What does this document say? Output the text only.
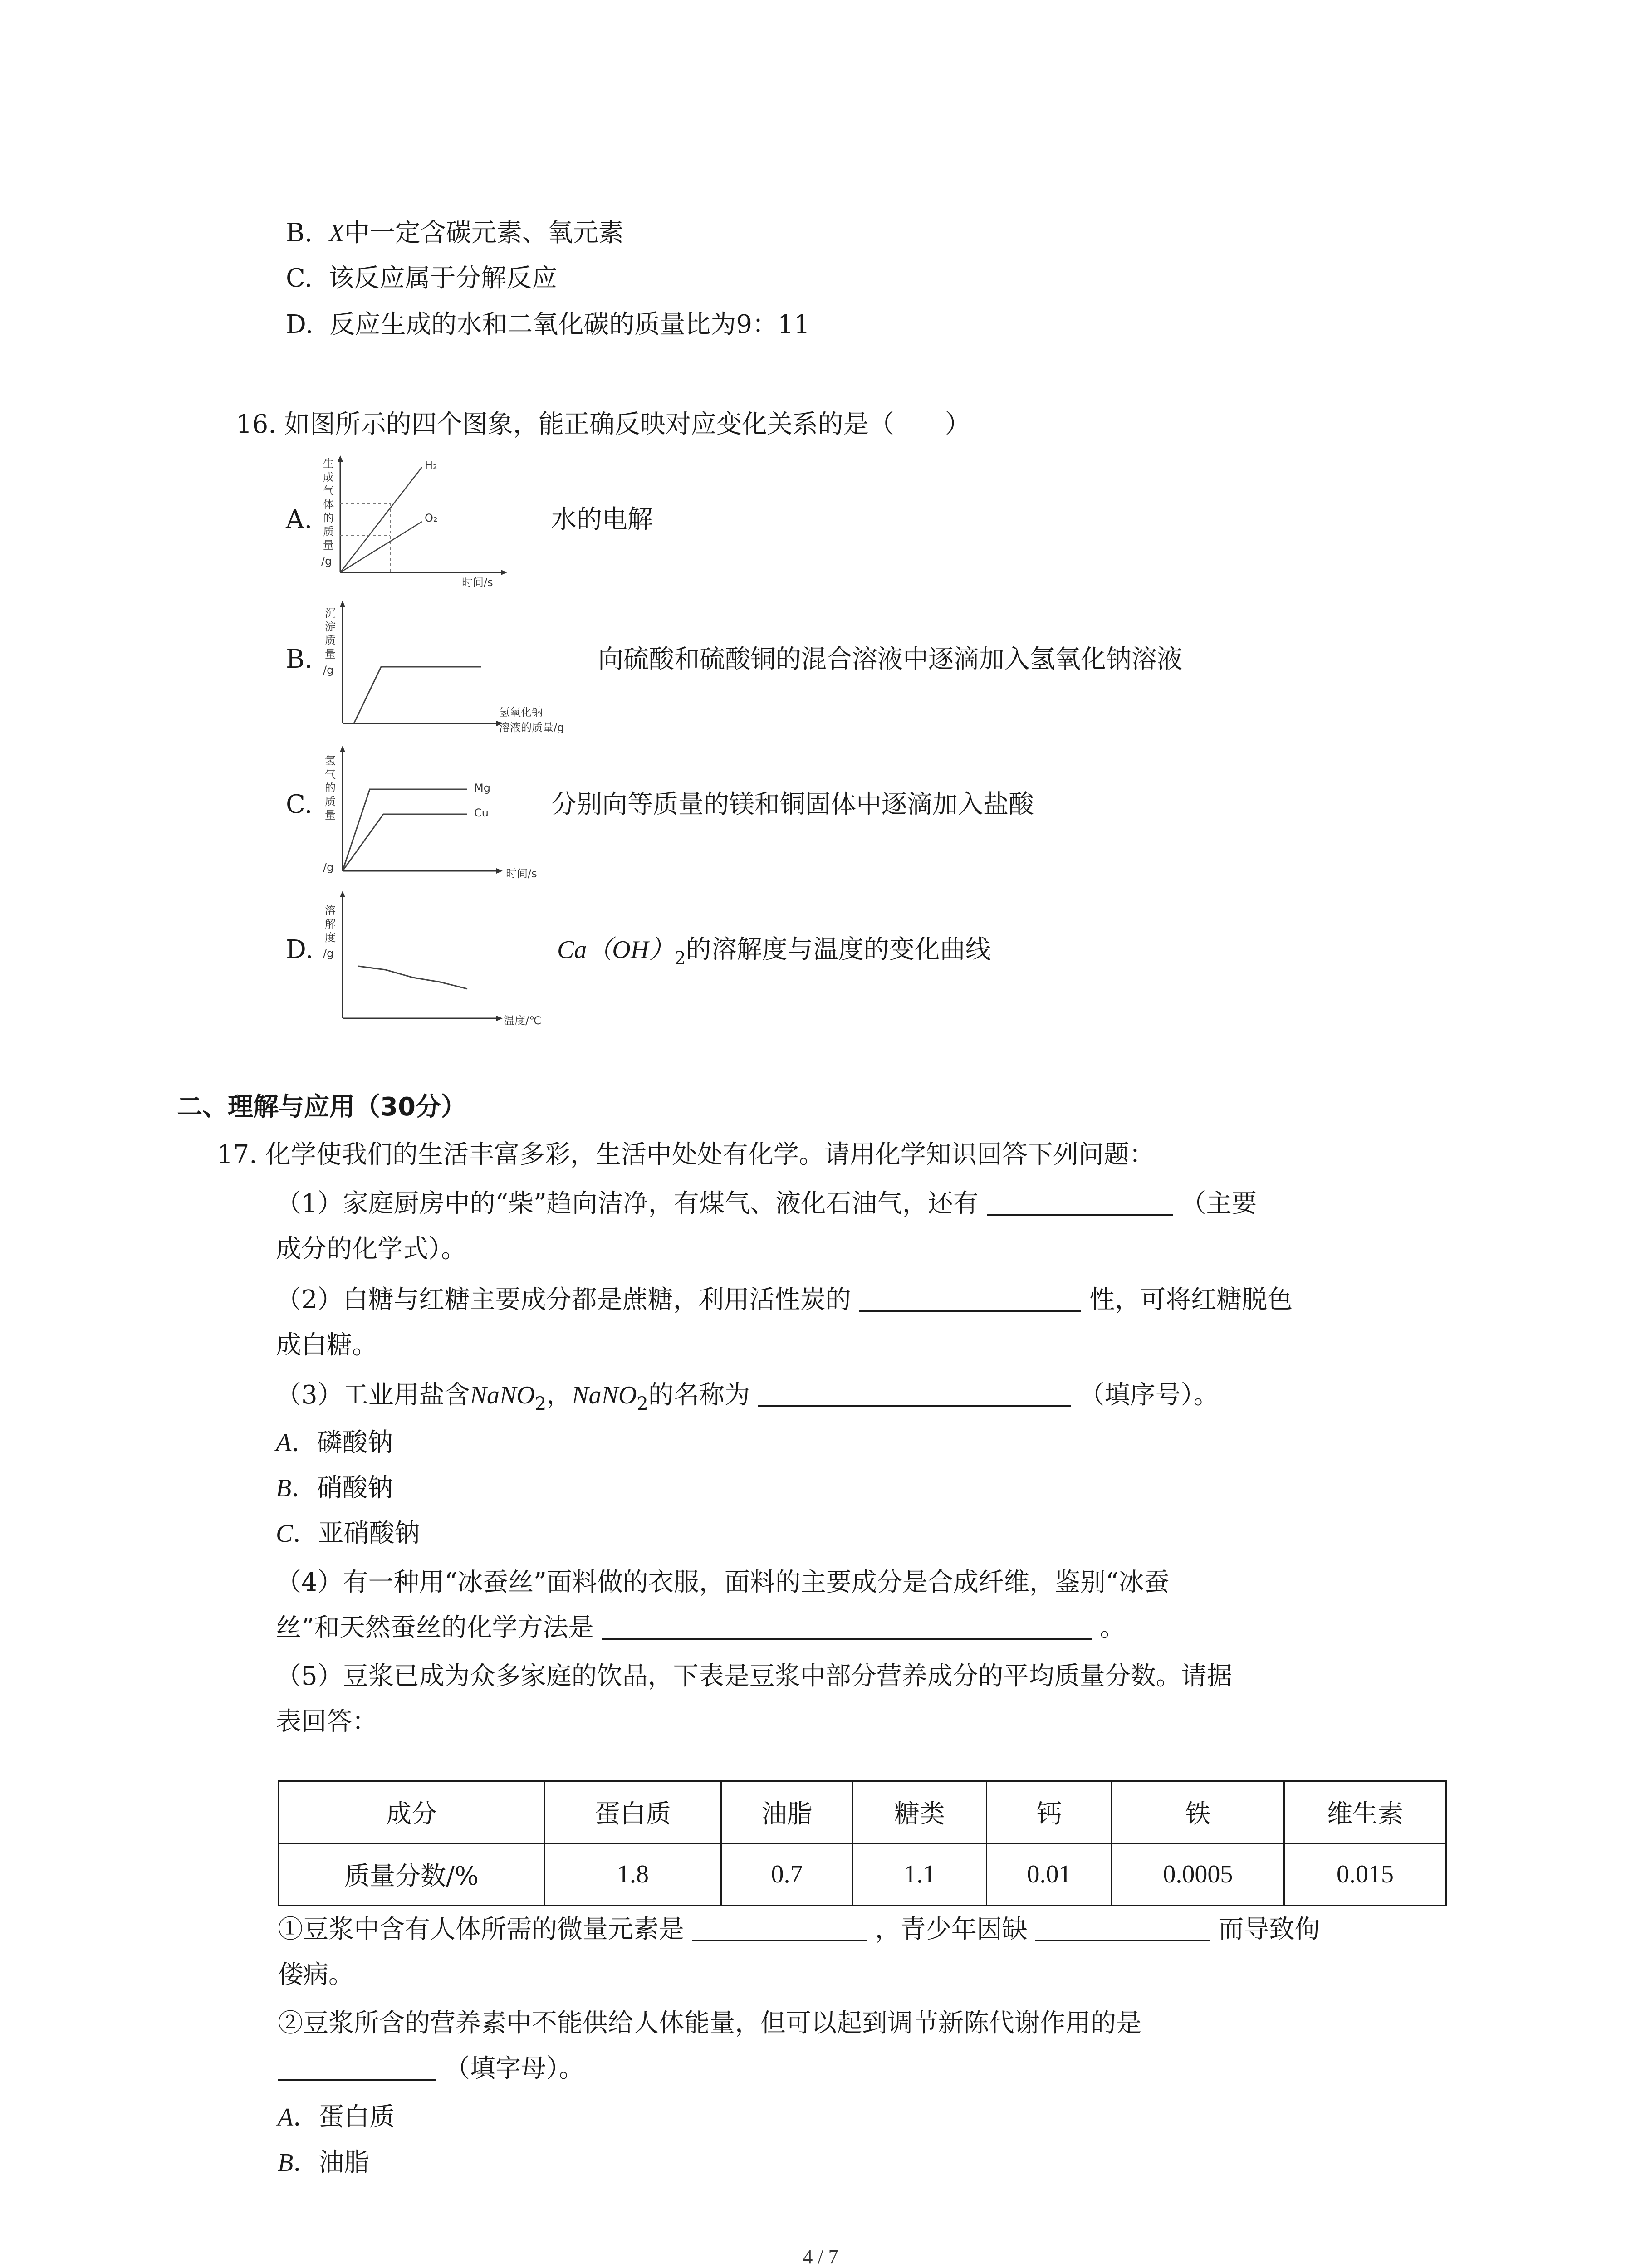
B. X中一定含碳元素、氧元素
C. 该反应属于分解反应
D. 反应生成的水和二氧化碳的质量比为9：11
16. 如图所示的四个图象，能正确反映对应变化关系的是（　　）
A.
生
成
气
体
的
质
量
/g
H₂
O₂
时间/s
水的电解
B.
沉
淀
质
量
/g
氢氧化钠
溶液的质量/g
向硫酸和硫酸铜的混合溶液中逐滴加入氢氧化钠溶液
C.
氢
气
的
质
量
/g
Mg
Cu
时间/s
分别向等质量的镁和铜固体中逐滴加入盐酸
D.
溶
解
度
/g
温度/℃
$Ca(OH)_2$的溶解度与温度的变化曲线
二、理解与应用（30分）
17. 化学使我们的生活丰富多彩，生活中处处有化学。请用化学知识回答下列问题：
（1）家庭厨房中的“柴”趋向洁净，有煤气、液化石油气，还有	（主要
成分的化学式）。
（2）白糖与红糖主要成分都是蔗糖，利用活性炭的	性，可将红糖脱色
成白糖。
（3）工业用盐含NaNO$_2$，NaNO$_2$的名称为	（填序号）。
A．磷酸钠
B．硝酸钠
C．亚硝酸钠
（4）有一种用“冰蚕丝”面料做的衣服，面料的主要成分是合成纤维，鉴别“冰蚕
丝”和天然蚕丝的化学方法是	。
（5）豆浆已成为众多家庭的饮品，下表是豆浆中部分营养成分的平均质量分数。请据
表回答：
成分	蛋白质	油脂	糖类	钙	铁	维生素
质量分数/%	1.8	0.7	1.1	0.01	0.0005	0.015
①豆浆中含有人体所需的微量元素是	，青少年因缺	而导致佝
偻病。
②豆浆所含的营养素中不能供给人体能量，但可以起到调节新陈代谢作用的是
（填字母）。
A．蛋白质
B．油脂
4 / 7
